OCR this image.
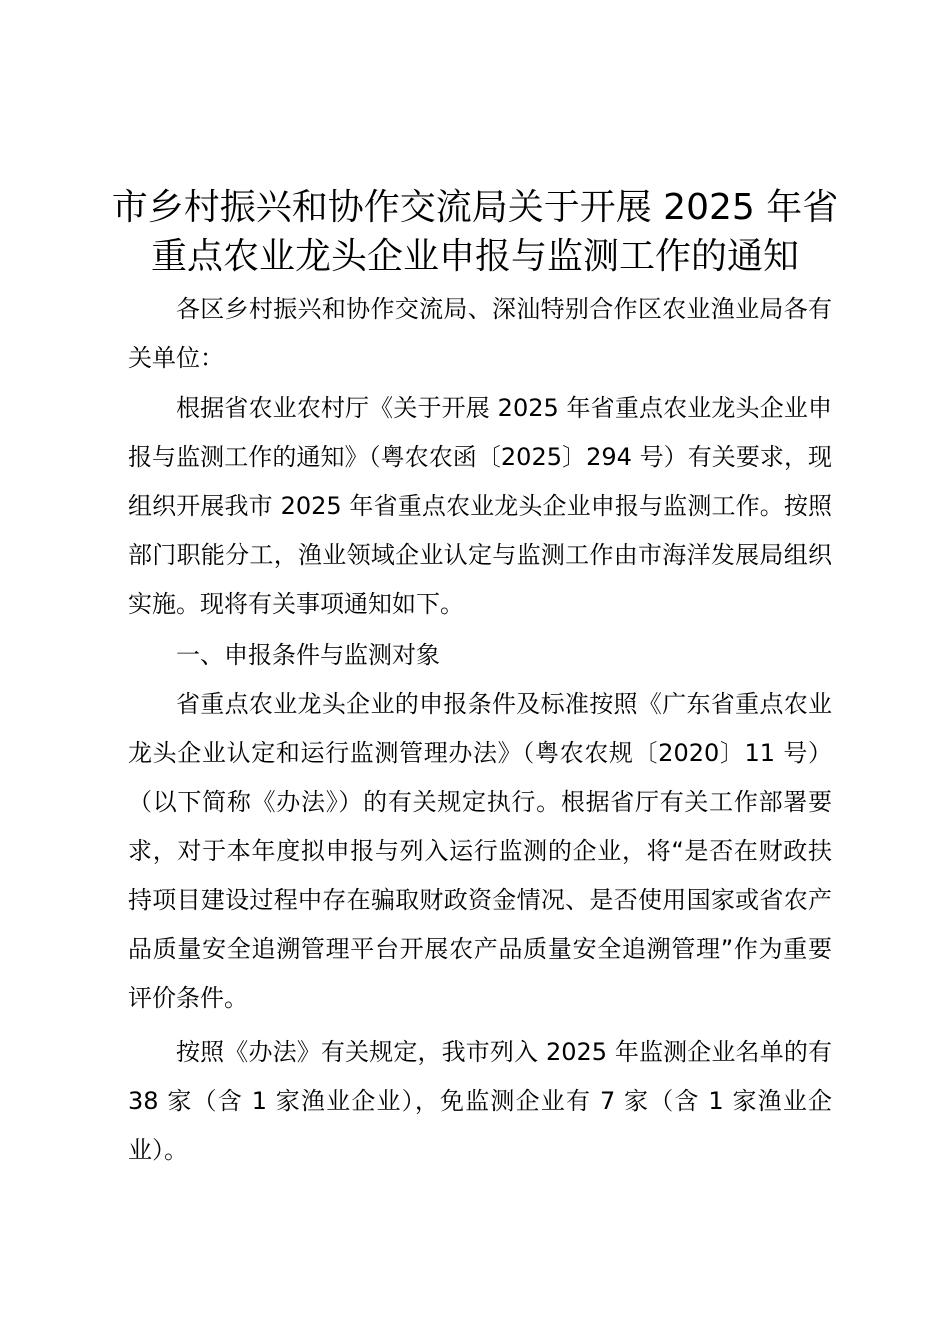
市乡村振兴和协作交流局关于开展 2025 年省
重点农业龙头企业申报与监测工作的通知

各区乡村振兴和协作交流局、深汕特别合作区农业渔业局各有关单位：

根据省农业农村厅《关于开展 2025 年省重点农业龙头企业申报与监测工作的通知》（粤农农函〔2025〕294 号）有关要求，现组织开展我市 2025 年省重点农业龙头企业申报与监测工作。按照部门职能分工，渔业领域企业认定与监测工作由市海洋发展局组织实施。现将有关事项通知如下。

一、申报条件与监测对象

省重点农业龙头企业的申报条件及标准按照《广东省重点农业龙头企业认定和运行监测管理办法》（粤农农规〔2020〕11 号）（以下简称《办法》）的有关规定执行。根据省厅有关工作部署要求，对于本年度拟申报与列入运行监测的企业，将“是否在财政扶持项目建设过程中存在骗取财政资金情况、是否使用国家或省农产品质量安全追溯管理平台开展农产品质量安全追溯管理”作为重要评价条件。

按照《办法》有关规定，我市列入 2025 年监测企业名单的有 38 家（含 1 家渔业企业），免监测企业有 7 家（含 1 家渔业企业）。
